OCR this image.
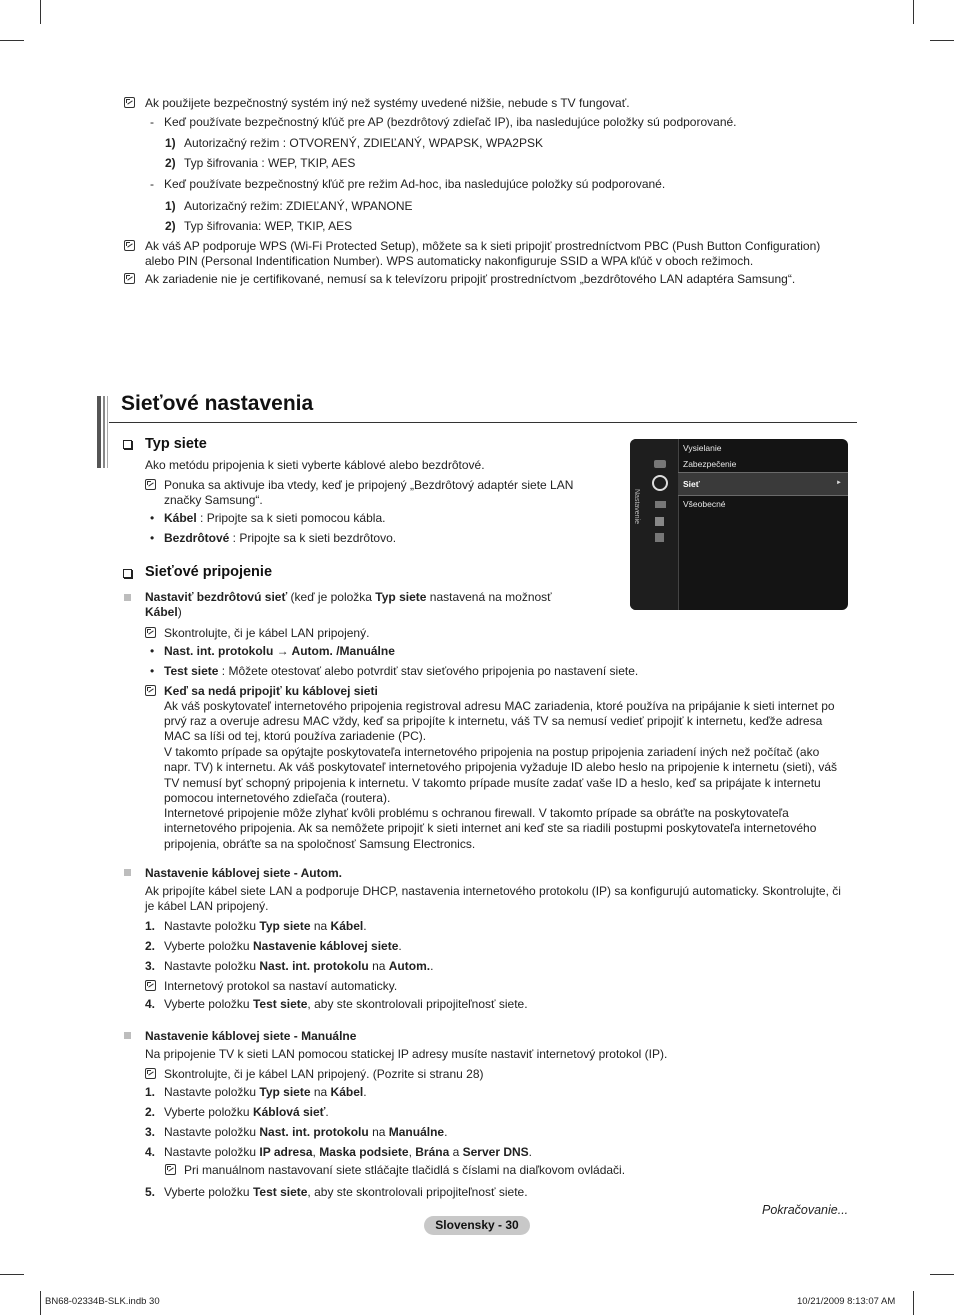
Ak použijete bezpečnostný systém iný než systémy uvedené nižšie, nebude s TV fungovať.
- Keď používate bezpečnostný kľúč pre AP (bezdrôtový zdieľač IP), iba nasledujúce položky sú podporované.
1) Autorizačný režim : OTVORENÝ, ZDIEĽANÝ, WPAPSK, WPA2PSK
2) Typ šifrovania : WEP, TKIP, AES
- Keď používate bezpečnostný kľúč pre režim Ad-hoc, iba nasledujúce položky sú podporované.
1) Autorizačný režim: ZDIEĽANÝ, WPANONE
2) Typ šifrovania: WEP, TKIP, AES
Ak váš AP podporuje WPS (Wi-Fi Protected Setup), môžete sa k sieti pripojiť prostredníctvom PBC (Push Button Configuration)
alebo PIN (Personal Indentification Number). WPS automaticky nakonfiguruje SSID a WPA kľúč v oboch režimoch.
Ak zariadenie nie je certifikované, nemusí sa k televízoru pripojiť prostredníctvom „bezdrôtového LAN adaptéra Samsung“.
Sieťové nastavenia
Typ siete
Ako metódu pripojenia k sieti vyberte káblové alebo bezdrôtové.
Ponuka sa aktivuje iba vtedy, keď je pripojený „Bezdrôtový adaptér siete LAN
značky Samsung“.
• Kábel : Pripojte sa k sieti pomocou kábla.
• Bezdrôtové : Pripojte sa k sieti bezdrôtovo.
Nastavenie
Vysielanie
Zabezpečenie
Sieť	►
Všeobecné
Sieťové pripojenie
Nastaviť bezdrôtovú sieť (keď je položka Typ siete nastavená na možnosť
Kábel)
Skontrolujte, či je kábel LAN pripojený.
• Nast. int. protokolu → Autom. /Manuálne
• Test siete : Môžete otestovať alebo potvrdiť stav sieťového pripojenia po nastavení siete.
Keď sa nedá pripojiť ku káblovej sieti
Ak váš poskytovateľ internetového pripojenia registroval adresu MAC zariadenia, ktoré používa na pripájanie k sieti internet po
prvý raz a overuje adresu MAC vždy, keď sa pripojíte k internetu, váš TV sa nemusí vedieť pripojiť k internetu, keďže adresa
MAC sa líši od tej, ktorú používa zariadenie (PC).
V takomto prípade sa opýtajte poskytovateľa internetového pripojenia na postup pripojenia zariadení iných než počítač (ako
napr. TV) k internetu. Ak váš poskytovateľ internetového pripojenia vyžaduje ID alebo heslo na pripojenie k internetu (sieti), váš
TV nemusí byť schopný pripojenia k internetu. V takomto prípade musíte zadať vaše ID a heslo, keď sa pripájate k internetu
pomocou internetového zdieľača (routera).
Internetové pripojenie môže zlyhať kvôli problému s ochranou firewall. V takomto prípade sa obráťte na poskytovateľa
internetového pripojenia. Ak sa nemôžete pripojiť k sieti internet ani keď ste sa riadili postupmi poskytovateľa internetového
pripojenia, obráťte sa na spoločnosť Samsung Electronics.
Nastavenie káblovej siete - Autom.
Ak pripojíte kábel siete LAN a podporuje DHCP, nastavenia internetového protokolu (IP) sa konfigurujú automaticky. Skontrolujte, či
je kábel LAN pripojený.
1. Nastavte položku Typ siete na Kábel.
2. Vyberte položku Nastavenie káblovej siete.
3. Nastavte položku Nast. int. protokolu na Autom..
Internetový protokol sa nastaví automaticky.
4. Vyberte položku Test siete, aby ste skontrolovali pripojiteľnosť siete.
Nastavenie káblovej siete - Manuálne
Na pripojenie TV k sieti LAN pomocou statickej IP adresy musíte nastaviť internetový protokol (IP).
Skontrolujte, či je kábel LAN pripojený. (Pozrite si stranu 28)
1. Nastavte položku Typ siete na Kábel.
2. Vyberte položku Káblová sieť.
3. Nastavte položku Nast. int. protokolu na Manuálne.
4. Nastavte položku IP adresa, Maska podsiete, Brána a Server DNS.
Pri manuálnom nastavovaní siete stláčajte tlačidlá s číslami na diaľkovom ovládači.
5. Vyberte položku Test siete, aby ste skontrolovali pripojiteľnosť siete.
Pokračovanie...
Slovensky - 30
BN68-02334B-SLK.indb 30	10/21/2009 8:13:07 AM
